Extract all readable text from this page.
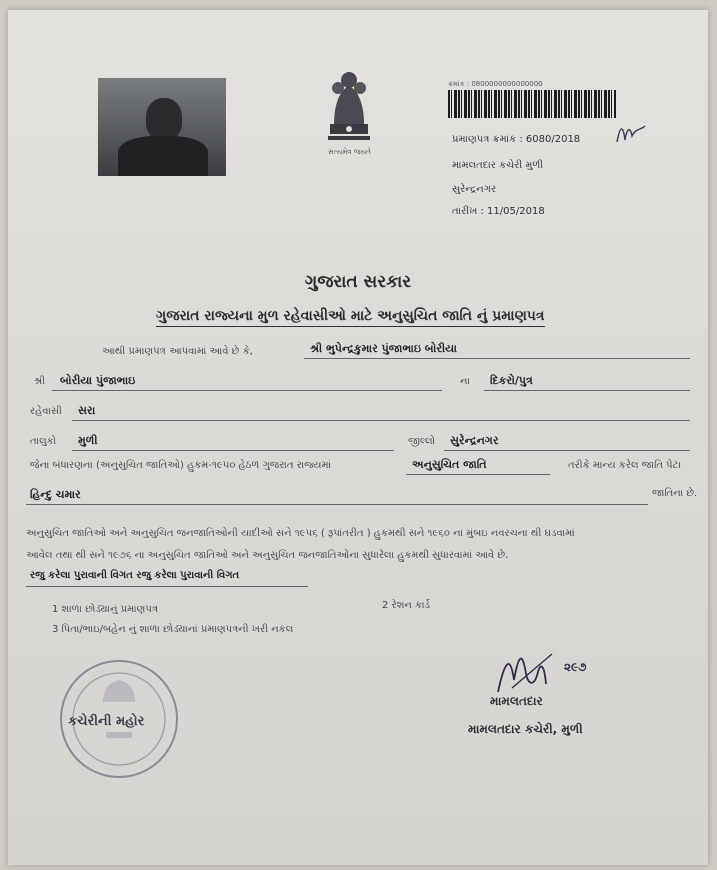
સત્યમેવ જયતે
ક્રમાંક : 0800000000000000
પ્રમાણપત્ર ક્રમાંક : 6080/2018
મામલતદાર કચેરી મુળી
સુરેન્દ્રનગર
તારીખ : 11/05/2018
ગુજરાત સરકાર
ગુજરાત રાજ્યના મુળ રહેવાસીઓ માટે અનુસુચિત જાતિ નું પ્રમાણપત્ર
આથી પ્રમાણપત્ર આપવામાં આવે છે કે,	શ્રી ભુપેન્દ્રકુમાર પુંજાભાઇ બોરીયા
શ્રી બોરીયા પુંજાભાઇ	ના દિકરો/પુત્ર
રહેવાસી સરા
તાલુકો મુળી	જીલ્લો સુરેન્દ્રનગર
જેના બંધારણના (અનુસુચિત જાતિઓ) હુકમ-૧૯૫૦ હેઠળ ગુજરાત રાજ્યમાં	અનુસુચિત જાતિ	તરીકે માન્ય કરેલ જાતિ પેટા
હિન્દુ ચમાર	જાતિના છે.
અનુસુચિત જાતિઓ અને અનુસુચિત જનજાતિઓની યાદીઓ સને ૧૯૫૬ ( રૂપાંતરીત ) હુકમથી સને ૧૯૬૦ ના મુંબઇ નવરચના થી ઘડવામાં
આવેલ તથા થી સને ૧૯૭૬ ના અનુસુચિત જાતિઓ અને અનુસુચિત જનજાતિઓના સુધારેલા હુકમથી સુધારવામાં આવે છે.
રજુ કરેલા પુરાવાની વિગત રજુ કરેલા પુરાવાની વિગત
1 શાળા છોડ્યાનું પ્રમાણપત્ર	2 રેશન કાર્ડ
3 પિતા/ભાઇ/બહેન નું શાળા છોડ્યાનાં પ્રમાણપત્રની ખરી નકલ
કચેરીની મહોર
૨૯૭
મામલતદાર
મામલતદાર કચેરી, મુળી
